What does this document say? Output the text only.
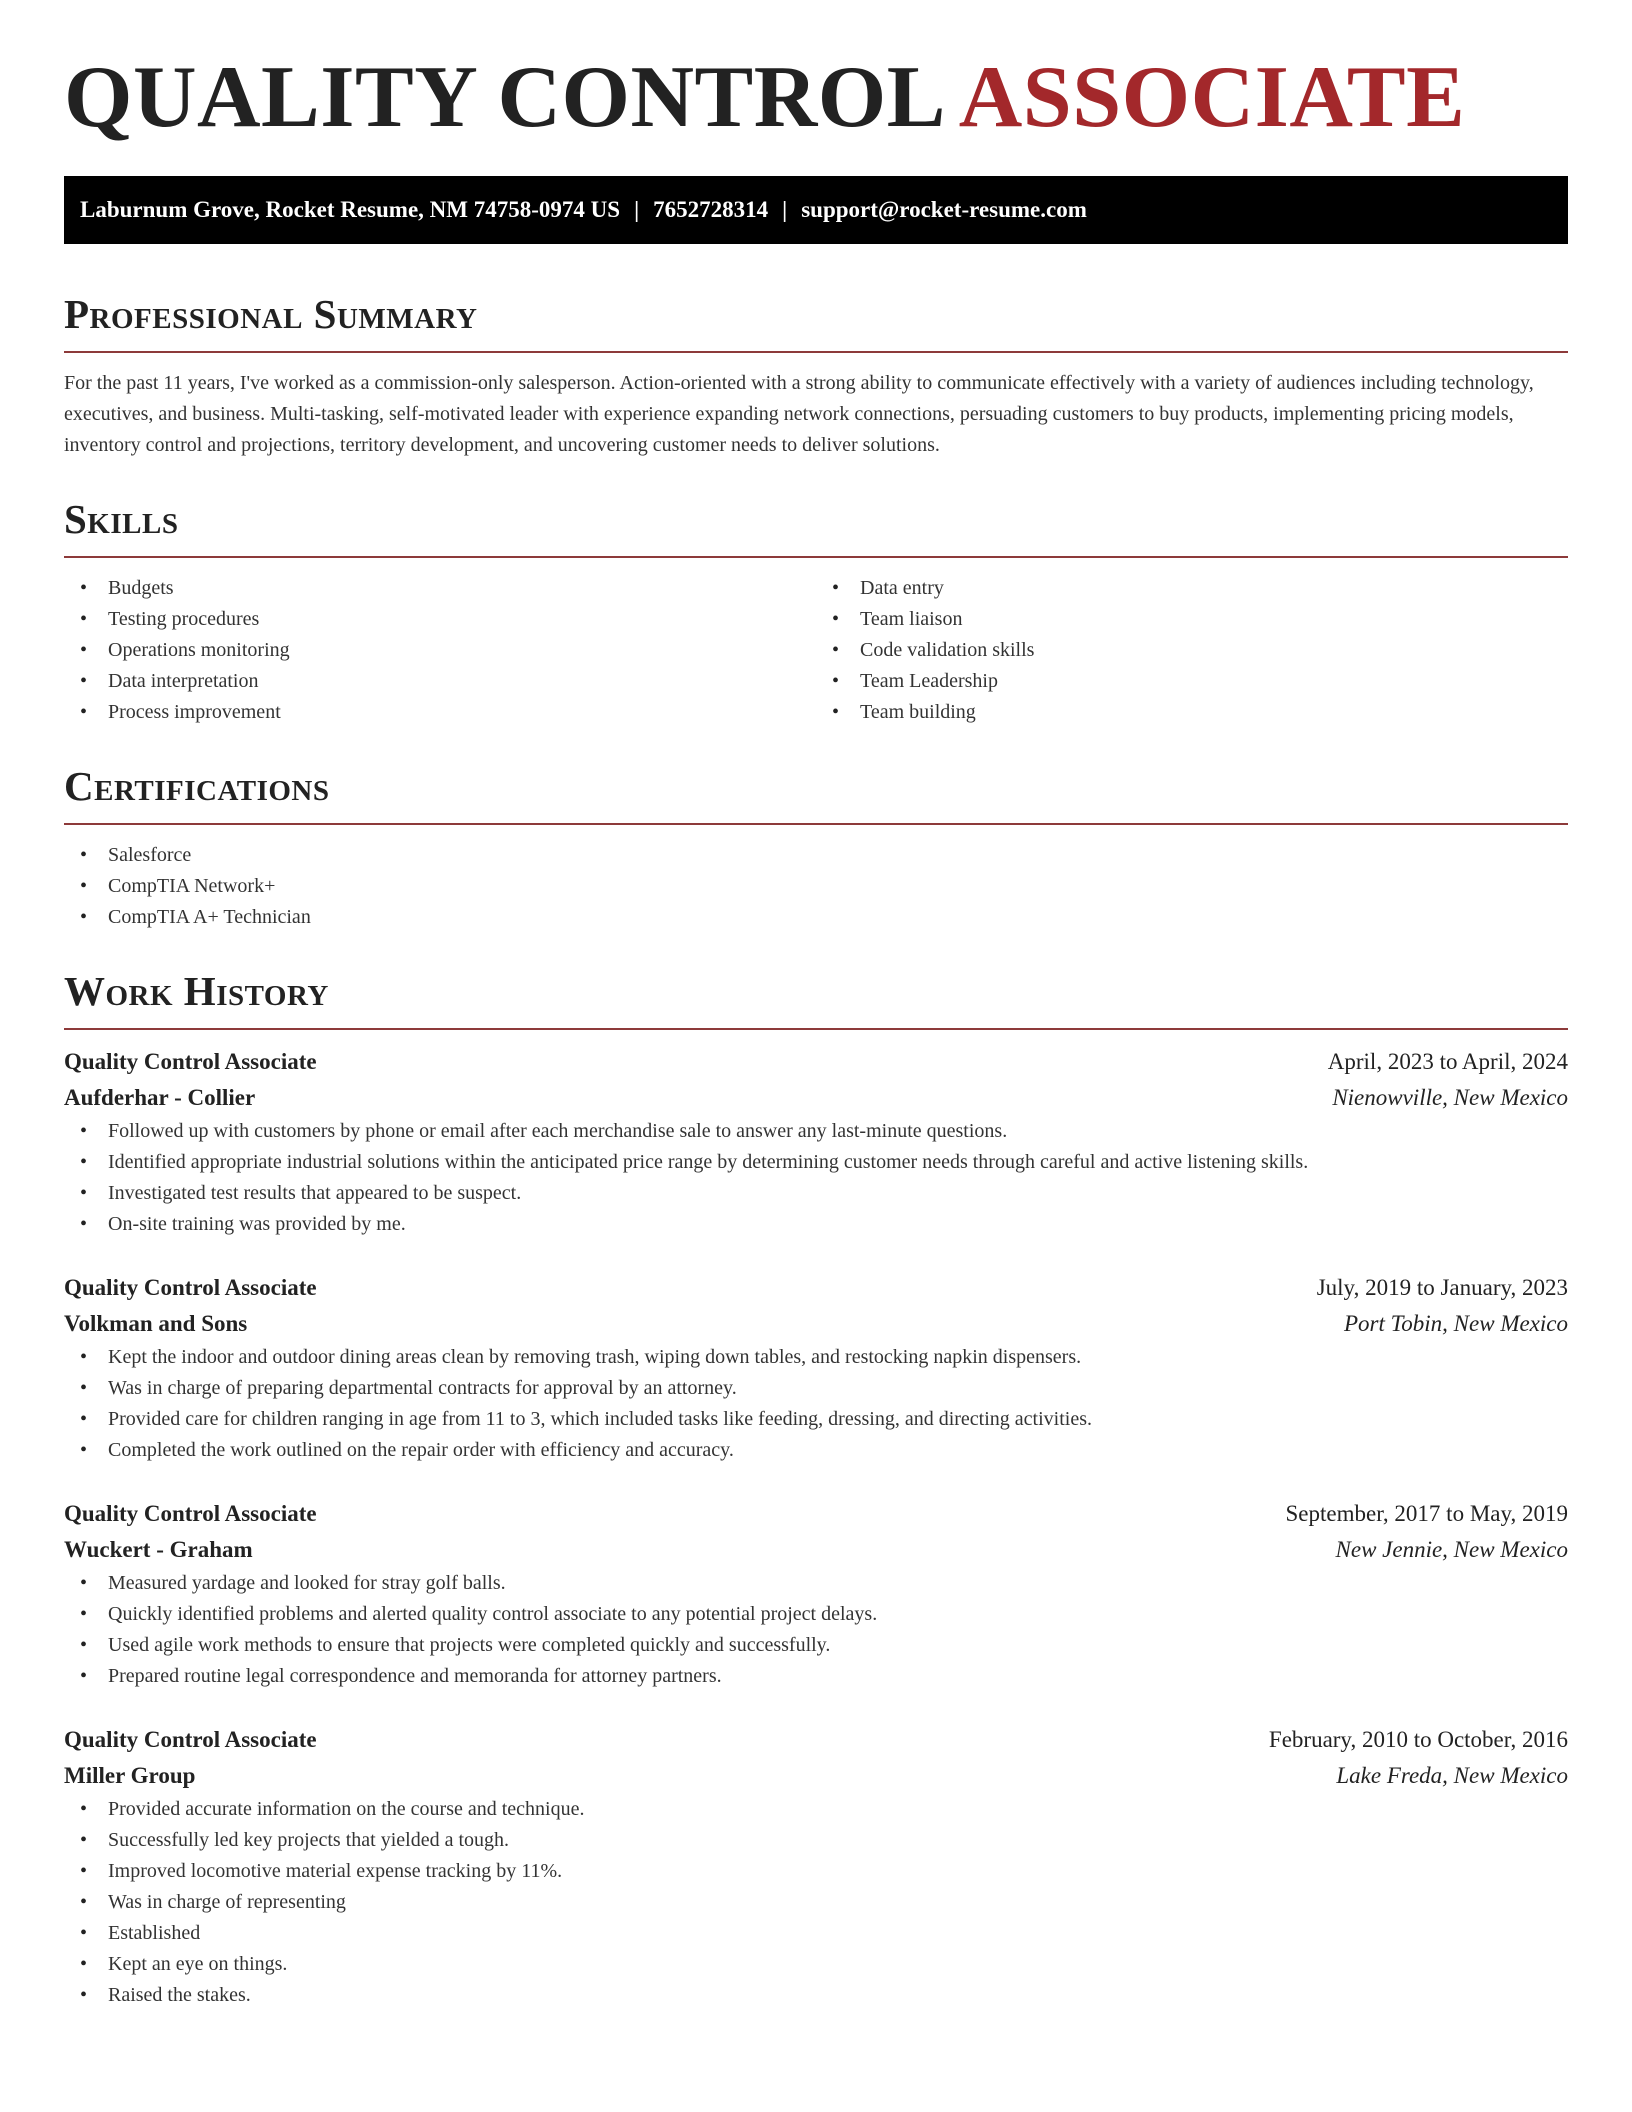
QUALITY CONTROL ASSOCIATE
Laburnum Grove, Rocket Resume, NM 74758-0974 US | 7652728314 | support@rocket-resume.com
Professional Summary

For the past 11 years, I've worked as a commission-only salesperson. Action-oriented with a strong ability to communicate effectively with a variety of audiences including technology, executives, and business. Multi-tasking, self-motivated leader with experience expanding network connections, persuading customers to buy products, implementing pricing models, inventory control and projections, territory development, and uncovering customer needs to deliver solutions.

Skills
• Budgets
• Testing procedures
• Operations monitoring
• Data interpretation
• Process improvement
• Data entry
• Team liaison
• Code validation skills
• Team Leadership
• Team building
Certifications
• Salesforce
• CompTIA Network+
• CompTIA A+ Technician
Work History
Quality Control Associate	April, 2023 to April, 2024
Aufderhar - Collier	Nienowville, New Mexico
• Followed up with customers by phone or email after each merchandise sale to answer any last-minute questions.
• Identified appropriate industrial solutions within the anticipated price range by determining customer needs through careful and active listening skills.
• Investigated test results that appeared to be suspect.
• On-site training was provided by me.
Quality Control Associate	July, 2019 to January, 2023
Volkman and Sons	Port Tobin, New Mexico
• Kept the indoor and outdoor dining areas clean by removing trash, wiping down tables, and restocking napkin dispensers.
• Was in charge of preparing departmental contracts for approval by an attorney.
• Provided care for children ranging in age from 11 to 3, which included tasks like feeding, dressing, and directing activities.
• Completed the work outlined on the repair order with efficiency and accuracy.
Quality Control Associate	September, 2017 to May, 2019
Wuckert - Graham	New Jennie, New Mexico
• Measured yardage and looked for stray golf balls.
• Quickly identified problems and alerted quality control associate to any potential project delays.
• Used agile work methods to ensure that projects were completed quickly and successfully.
• Prepared routine legal correspondence and memoranda for attorney partners.
Quality Control Associate	February, 2010 to October, 2016
Miller Group	Lake Freda, New Mexico
• Provided accurate information on the course and technique.
• Successfully led key projects that yielded a tough.
• Improved locomotive material expense tracking by 11%.
• Was in charge of representing
• Established
• Kept an eye on things.
• Raised the stakes.
